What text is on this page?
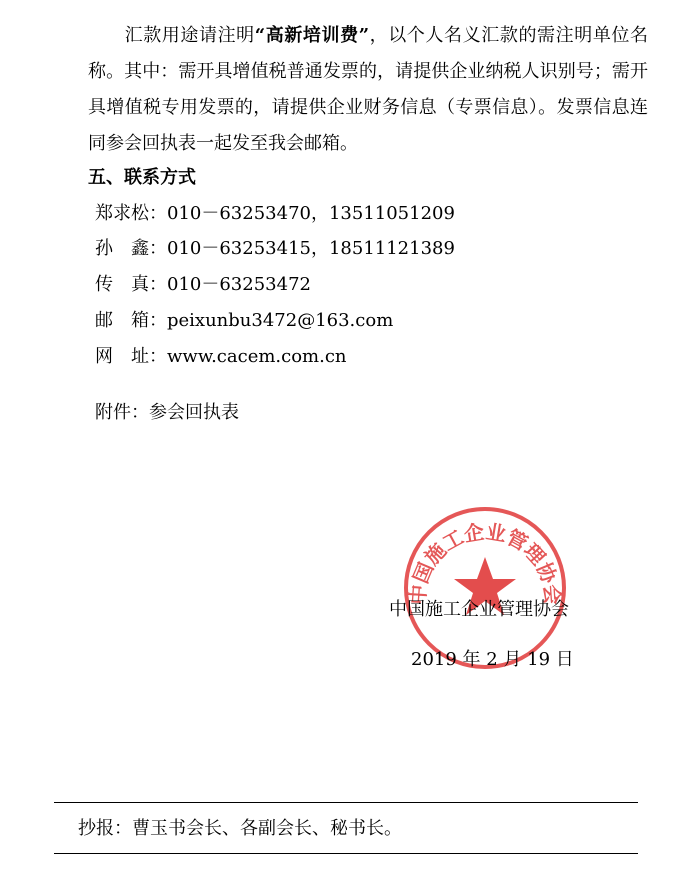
汇款用途请注明“高新培训费”，以个人名义汇款的需注明单位名称。其中：需开具增值税普通发票的，请提供企业纳税人识别号；需开具增值税专用发票的，请提供企业财务信息（专票信息）。发票信息连同参会回执表一起发至我会邮箱。
五、联系方式
郑求松：010－63253470，13511051209
孙　鑫：010－63253415，18511121389
传　真：010－63253472
邮　箱：peixunbu3472@163.com
网　址：www.cacem.com.cn
附件：参会回执表
中国施工企业管理协会
中国施工企业管理协会
2019 年 2 月 19 日
抄报：曹玉书会长、各副会长、秘书长。
